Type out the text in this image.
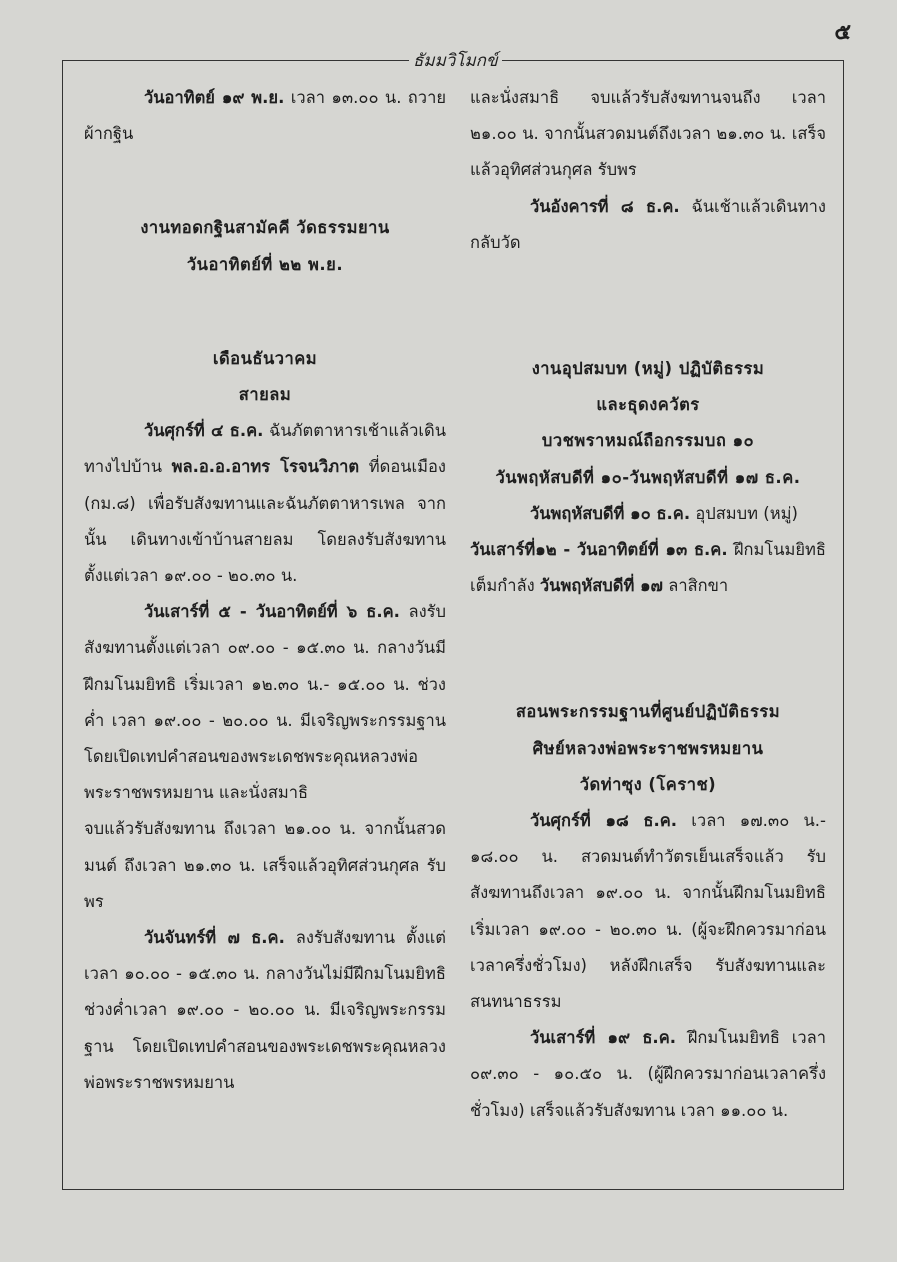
๕
ธัมมวิโมกข์

วันอาทิตย์ ๑๙ พ.ย. เวลา ๑๓.๐๐ น. ถวายผ้ากฐิน

งานทอดกฐินสามัคคี วัดธรรมยาน

วันอาทิตย์ที่ ๒๒ พ.ย.

เดือนธันวาคม

สายลม

วันศุกร์ที่ ๔ ธ.ค. ฉันภัตตาหารเช้าแล้วเดินทางไปบ้าน พล.อ.อ.อาทร โรจนวิภาต ที่ดอนเมือง (กม.๘) เพื่อรับสังฆทานและฉันภัตตาหารเพล จากนั้น เดินทางเข้าบ้านสายลม โดยลงรับสังฆทานตั้งแต่เวลา ๑๙.๐๐ - ๒๐.๓๐ น.

วันเสาร์ที่ ๕ - วันอาทิตย์ที่ ๖ ธ.ค. ลงรับสังฆทานตั้งแต่เวลา ๐๙.๐๐ - ๑๕.๓๐ น. กลางวันมีฝึกมโนมยิทธิ เริ่มเวลา ๑๒.๓๐ น.- ๑๕.๐๐ น. ช่วงค่ำ เวลา ๑๙.๐๐ - ๒๐.๐๐ น. มีเจริญพระกรรมฐาน โดยเปิดเทปคำสอนของพระเดชพระคุณหลวงพ่อพระราชพรหมยาน และนั่งสมาธิ

จบแล้วรับสังฆทาน ถึงเวลา ๒๑.๐๐ น. จากนั้นสวดมนต์ ถึงเวลา ๒๑.๓๐ น. เสร็จแล้วอุทิศส่วนกุศล รับพร

วันจันทร์ที่ ๗ ธ.ค. ลงรับสังฆทาน ตั้งแต่เวลา ๑๐.๐๐ - ๑๕.๓๐ น. กลางวันไม่มีฝึกมโนมยิทธิ ช่วงค่ำเวลา ๑๙.๐๐ - ๒๐.๐๐ น. มีเจริญพระกรรมฐาน โดยเปิดเทปคำสอนของพระเดชพระคุณหลวงพ่อพระราชพรหมยาน

และนั่งสมาธิ จบแล้วรับสังฆทานจนถึง เวลา ๒๑.๐๐ น. จากนั้นสวดมนต์ถึงเวลา ๒๑.๓๐ น. เสร็จแล้วอุทิศส่วนกุศล รับพร

วันอังคารที่ ๘ ธ.ค. ฉันเช้าแล้วเดินทางกลับวัด

งานอุปสมบท (หมู่) ปฏิบัติธรรม

และธุดงควัตร

บวชพราหมณ์ถือกรรมบถ ๑๐

วันพฤหัสบดีที่ ๑๐-วันพฤหัสบดีที่ ๑๗ ธ.ค.

วันพฤหัสบดีที่ ๑๐ ธ.ค. อุปสมบท (หมู่)

วันเสาร์ที่๑๒ - วันอาทิตย์ที่ ๑๓ ธ.ค. ฝึกมโนมยิทธิ เต็มกำลัง วันพฤหัสบดีที่ ๑๗ ลาสิกขา

สอนพระกรรมฐานที่ศูนย์ปฏิบัติธรรม

ศิษย์หลวงพ่อพระราชพรหมยาน

วัดท่าซุง (โคราช)

วันศุกร์ที่ ๑๘ ธ.ค. เวลา ๑๗.๓๐ น.- ๑๘.๐๐ น. สวดมนต์ทำวัตรเย็นเสร็จแล้ว รับสังฆทานถึงเวลา ๑๙.๐๐ น. จากนั้นฝึกมโนมยิทธิ เริ่มเวลา ๑๙.๐๐ - ๒๐.๓๐ น. (ผู้จะฝึกควรมาก่อนเวลาครึ่งชั่วโมง) หลังฝึกเสร็จ รับสังฆทานและสนทนาธรรม

วันเสาร์ที่ ๑๙ ธ.ค. ฝึกมโนมยิทธิ เวลา ๐๙.๓๐ - ๑๐.๕๐ น. (ผู้ฝึกควรมาก่อนเวลาครึ่งชั่วโมง) เสร็จแล้วรับสังฆทาน เวลา ๑๑.๐๐ น.
